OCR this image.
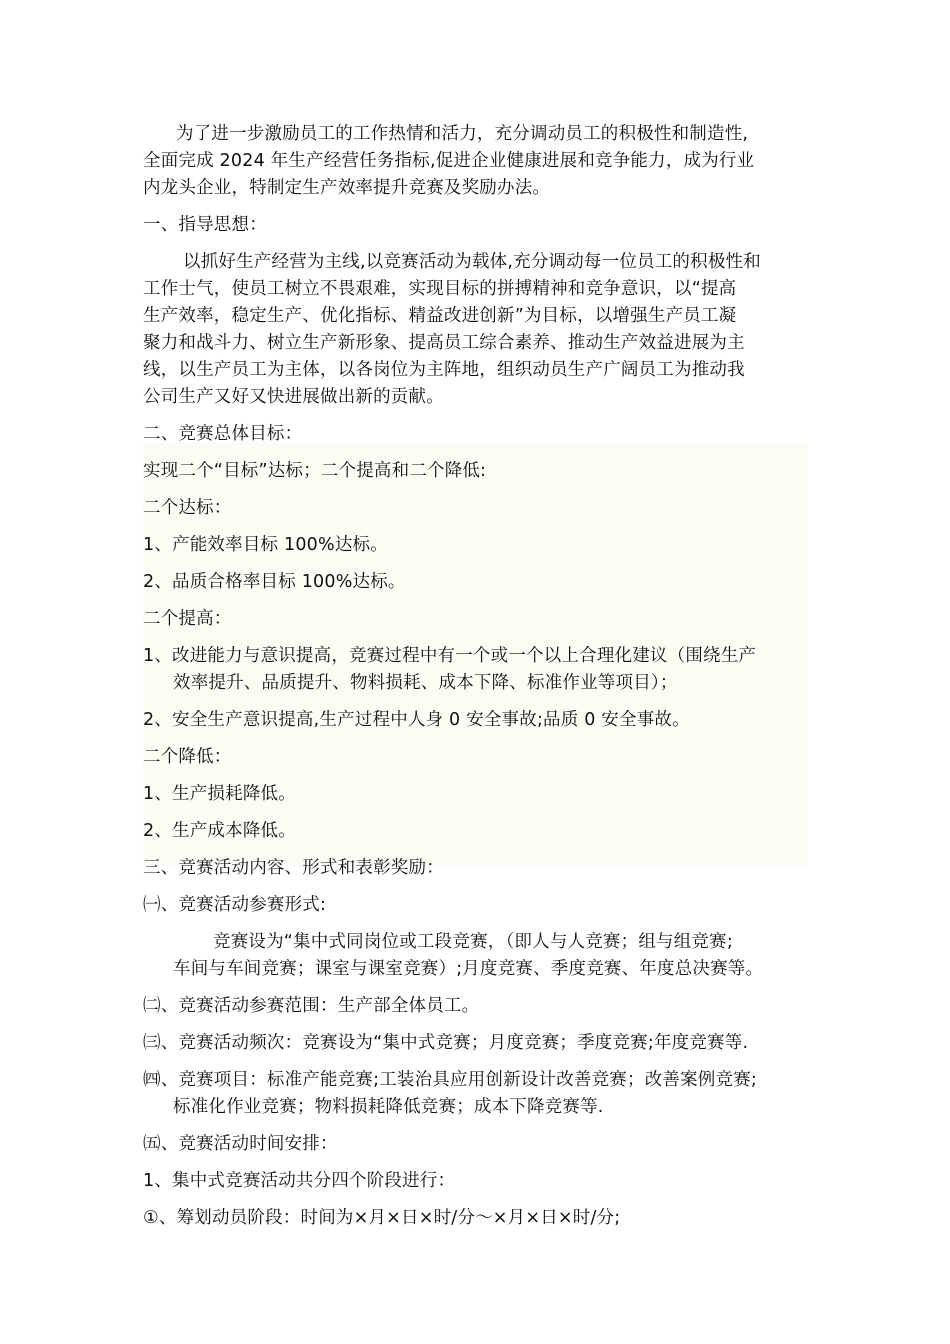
为了进一步激励员工的工作热情和活力，充分调动员工的积极性和制造性,
全面完成 2024 年生产经营任务指标,促进企业健康进展和竞争能力，成为行业
内龙头企业，特制定生产效率提升竞赛及奖励办法。
一、指导思想：
以抓好生产经营为主线,以竞赛活动为载体,充分调动每一位员工的积极性和
工作士气，使员工树立不畏艰难，实现目标的拼搏精神和竞争意识，以“提高
生产效率，稳定生产、优化指标、精益改进创新”为目标，以增强生产员工凝
聚力和战斗力、树立生产新形象、提高员工综合素养、推动生产效益进展为主
线，以生产员工为主体，以各岗位为主阵地，组织动员生产广阔员工为推动我
公司生产又好又快进展做出新的贡献。
二、竞赛总体目标：
实现二个“目标”达标；二个提高和二个降低:
二个达标：
1、产能效率目标 100%达标。
2、品质合格率目标 100%达标。
二个提高：
1、改进能力与意识提高，竞赛过程中有一个或一个以上合理化建议（围绕生产
效率提升、品质提升、物料损耗、成本下降、标准作业等项目）；
2、安全生产意识提高,生产过程中人身 0 安全事故;品质 0 安全事故。
二个降低：
1、生产损耗降低。
2、生产成本降低。
三、竞赛活动内容、形式和表彰奖励：
㈠、竞赛活动参赛形式:
竞赛设为“集中式同岗位或工段竞赛，（即人与人竞赛；组与组竞赛;
车间与车间竞赛；课室与课室竞赛）;月度竞赛、季度竞赛、年度总决赛等。
㈡、竞赛活动参赛范围：生产部全体员工。
㈢、竞赛活动频次：竞赛设为“集中式竞赛；月度竞赛；季度竞赛;年度竞赛等.
㈣、竞赛项目：标准产能竞赛;工装治具应用创新设计改善竞赛；改善案例竞赛;
标准化作业竞赛；物料损耗降低竞赛；成本下降竞赛等.
㈤、竞赛活动时间安排：
1、集中式竞赛活动共分四个阶段进行：
①、筹划动员阶段：时间为×月×日×时/分～×月×日×时/分;
